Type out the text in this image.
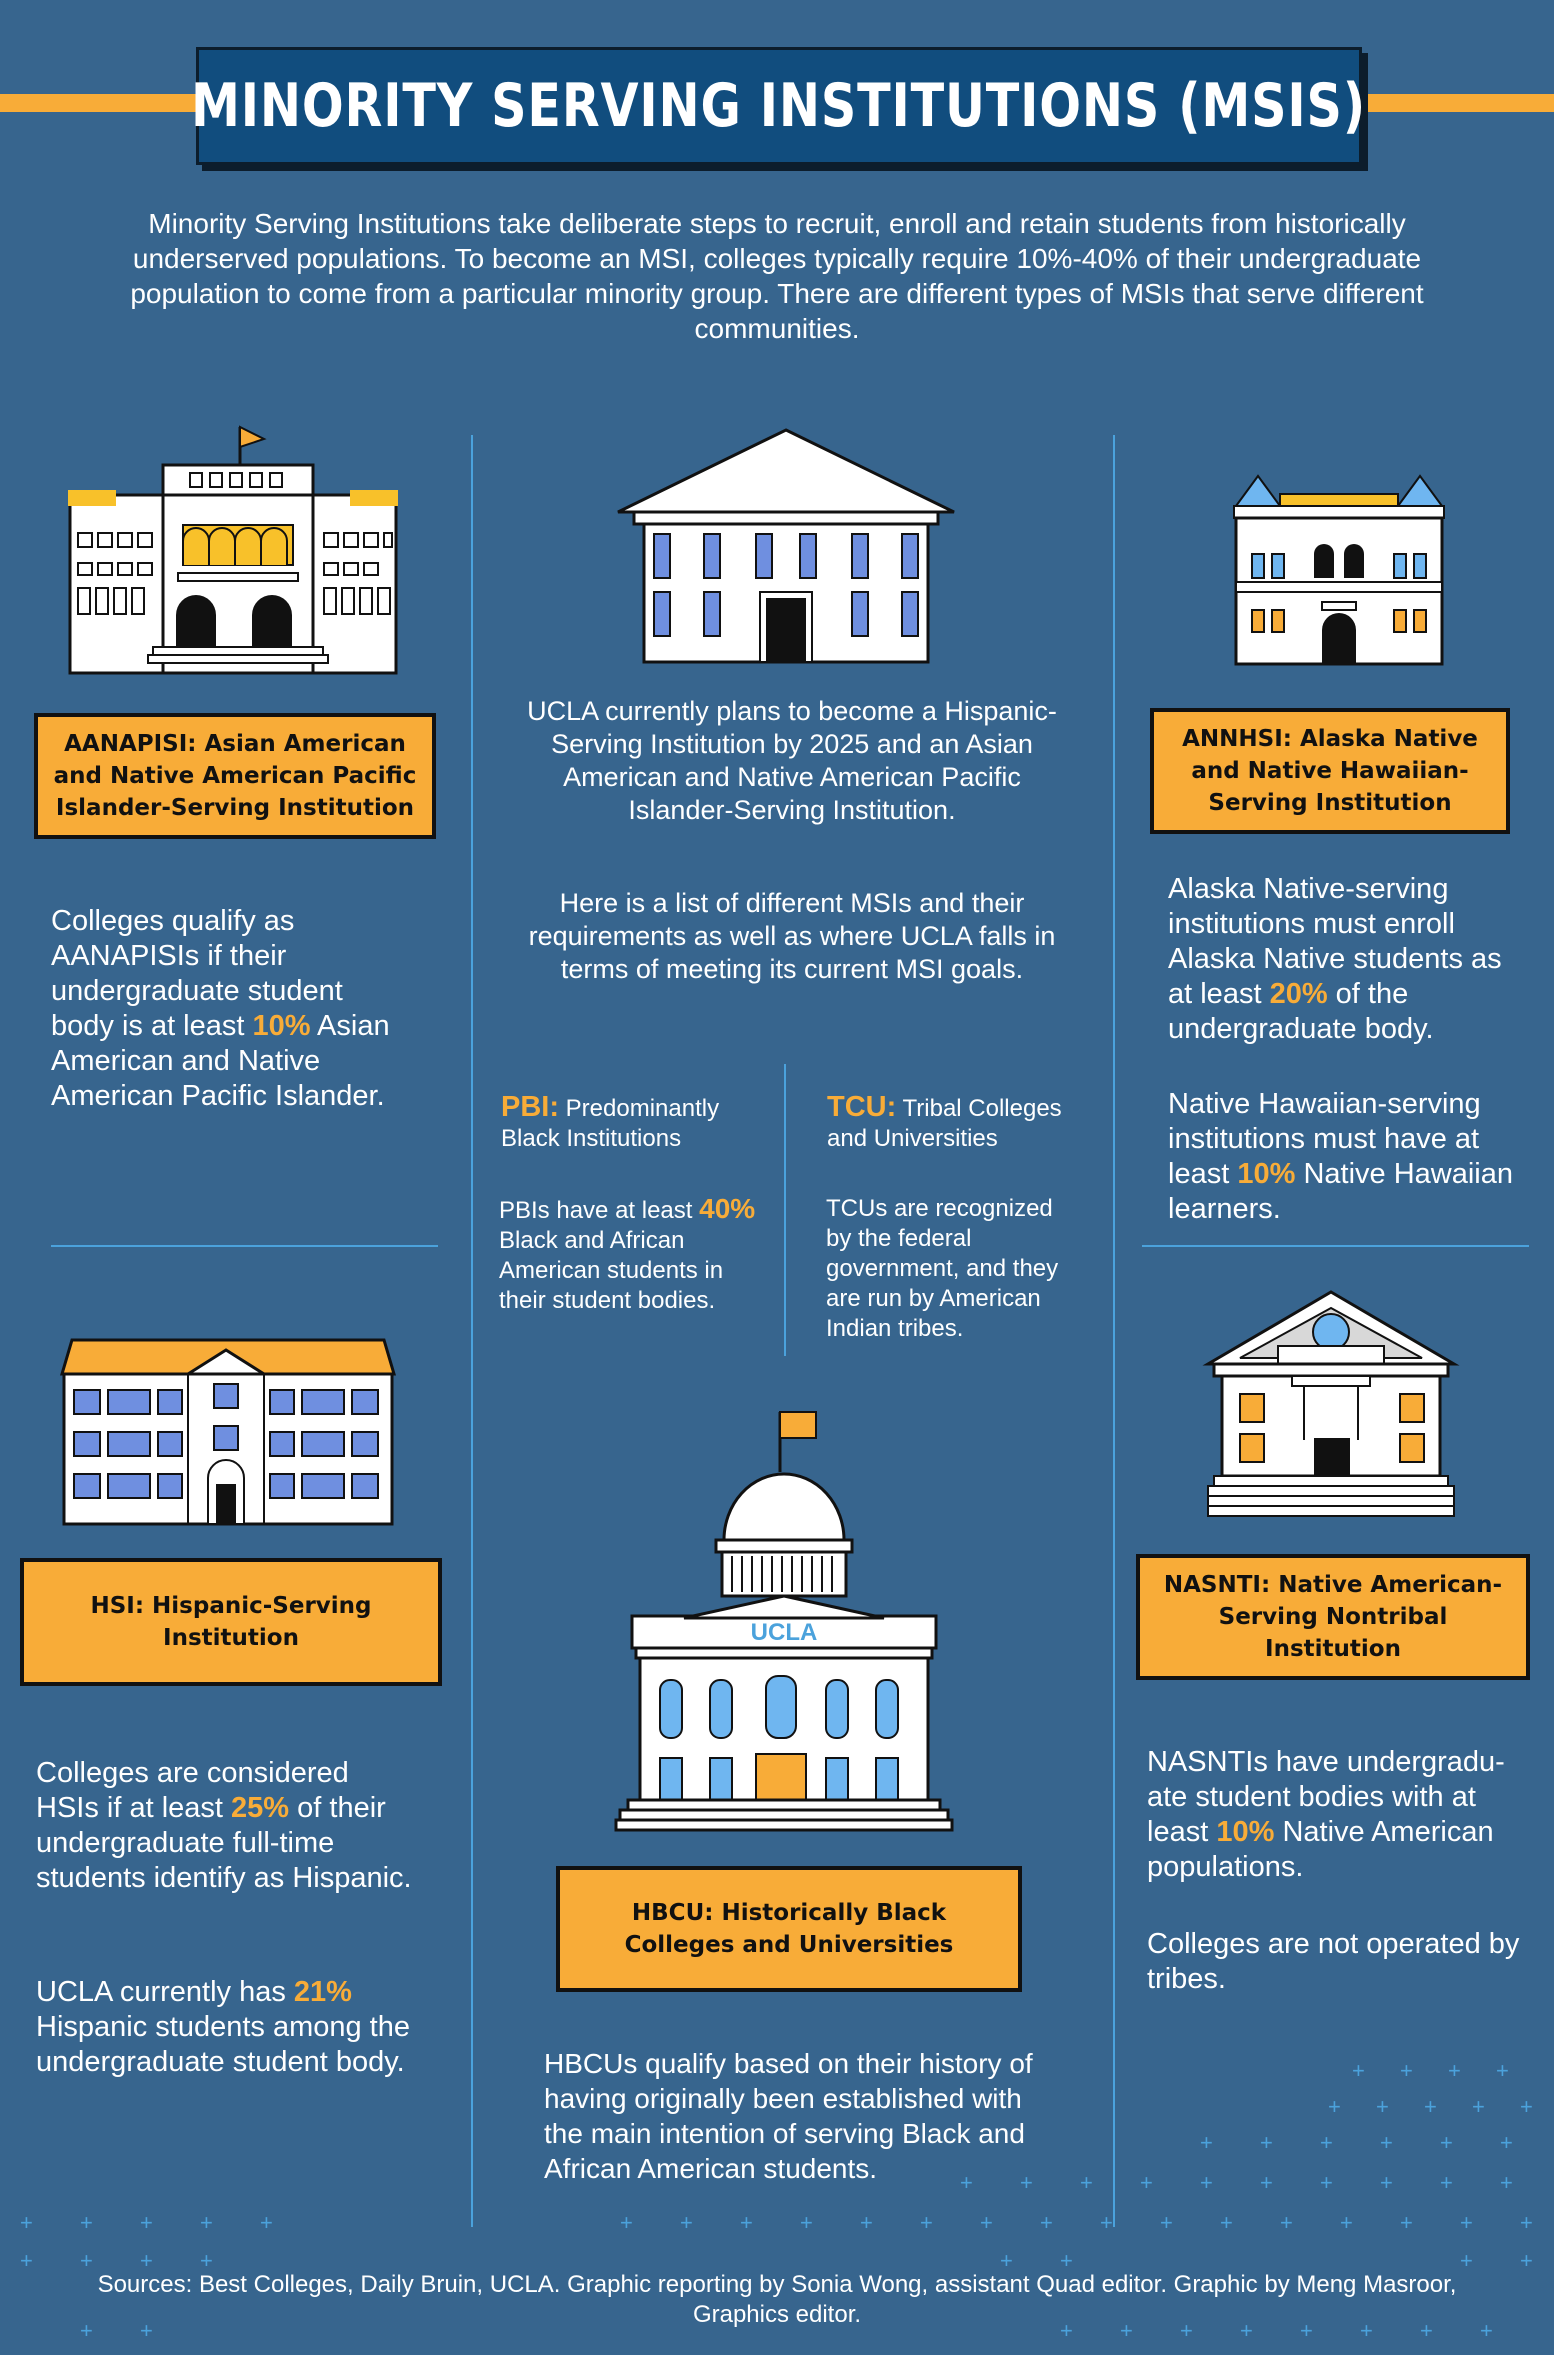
MINORITY SERVING INSTITUTIONS (MSIS)
Minority Serving Institutions take deliberate steps to recruit, enroll and retain students from historically underserved populations. To become an MSI, colleges typically require 10%-40% of their undergraduate population to come from a particular minority group. There are different types of MSIs that serve different communities.
AANAPISI: Asian American and Native American Pacific Islander-Serving Institution

Colleges qualify as AANAPISIs if their undergraduate student body is at least 10% Asian American and Native American Pacific Islander.

UCLA currently plans to become a Hispanic-Serving Institution by 2025 and an Asian American and Native American Pacific Islander-Serving Institution.
Here is a list of different MSIs and their requirements as well as where UCLA falls in terms of meeting its current MSI goals.
PBI: Predominantly Black Institutions
PBIs have at least 40% Black and African American students in their student bodies.
TCU: Tribal Colleges and Universities
TCUs are recognized by the federal government, and they are run by American Indian tribes.
UCLA
HBCU: Historically Black Colleges and Universities
HBCUs qualify based on their history of having originally been established with the main intention of serving Black and African American students.
ANNHSI: Alaska Native and Native Hawaiian-Serving Institution
Alaska Native-serving institutions must enroll Alaska Native students as at least 20% of the undergraduate body.
Native Hawaiian-serving institutions must have at least 10% Native Hawaiian learners.
NASNTI: Native American-Serving Nontribal Institution
NASNTIs have undergradu-ate student bodies with at least 10% Native American populations.
Colleges are not operated by tribes.
HSI: Hispanic-Serving Institution
Colleges are considered HSIs if at least 25% of their undergraduate full-time students identify as Hispanic.
UCLA currently has 21% Hispanic students among the undergraduate student body.	+ + + +
+ + + + +
+ + + + + +
+ + + + + + + + + +
+ + + + +	+ + + + + + + + + + + + + + + +
+ + + +	+ +	+ +
+ +	+ + + + + + + +
Sources: Best Colleges, Daily Bruin, UCLA. Graphic reporting by Sonia Wong, assistant Quad editor. Graphic by Meng Masroor, Graphics editor.
